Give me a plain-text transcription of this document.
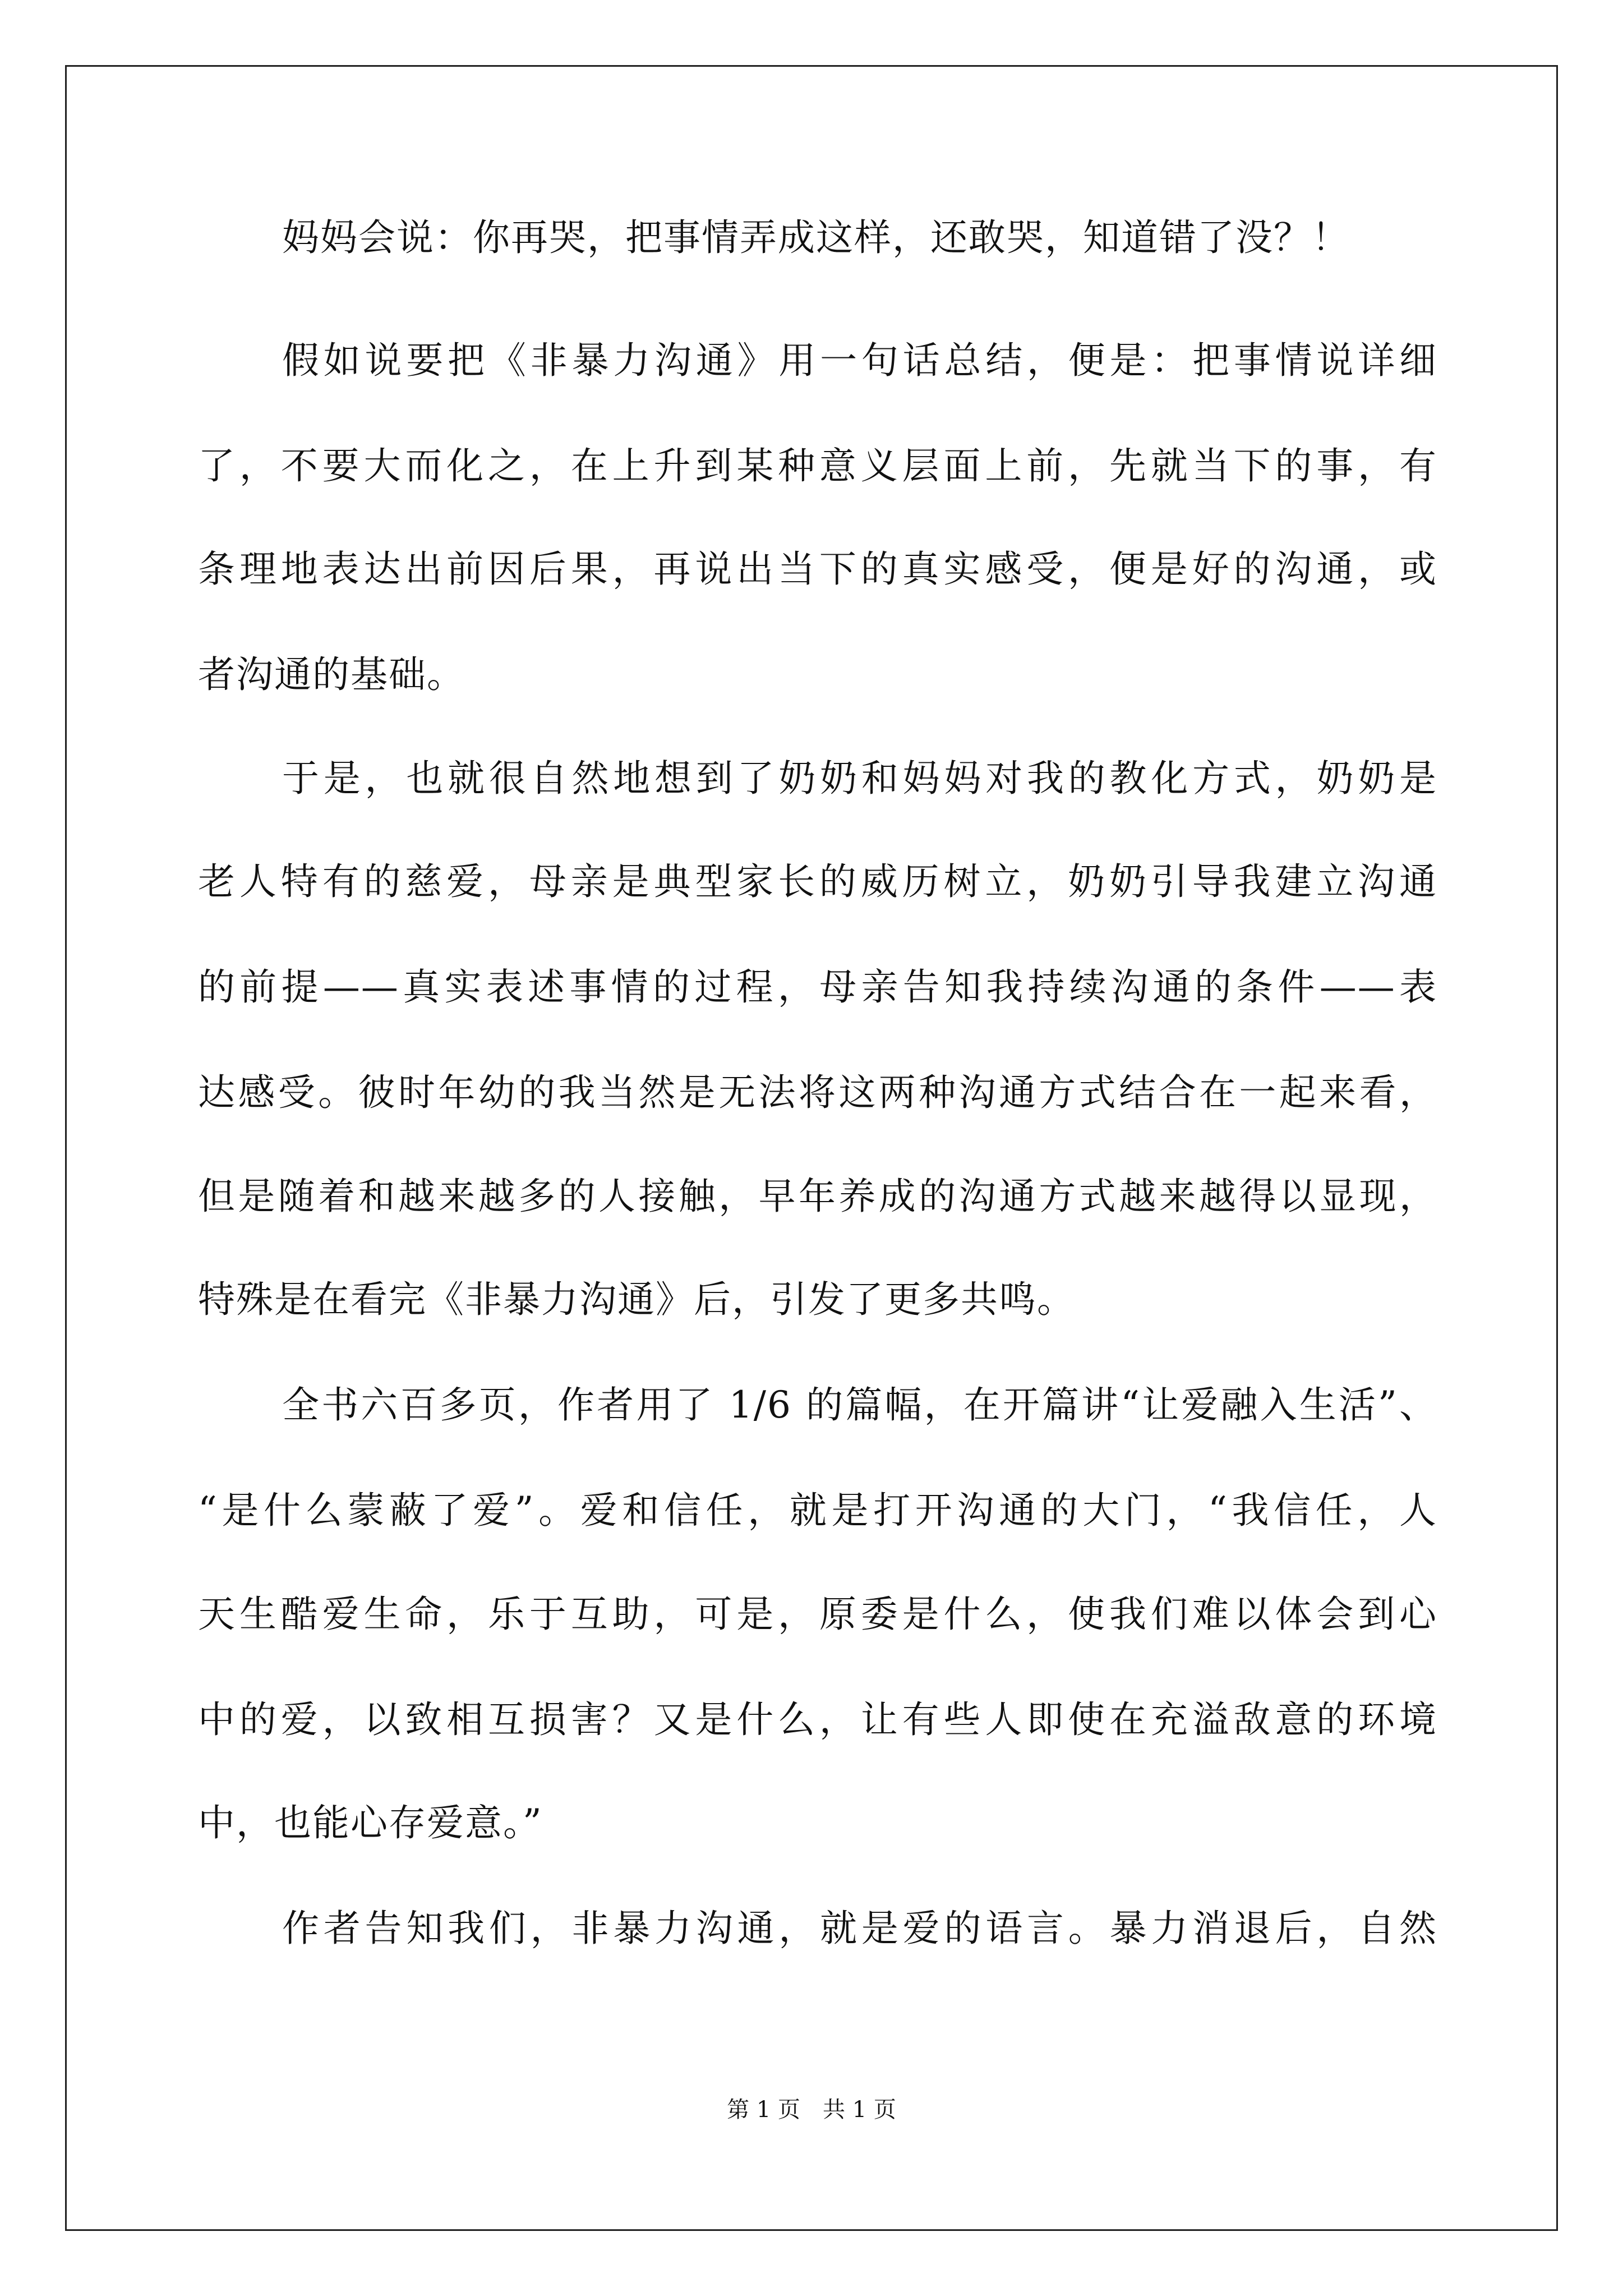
妈妈会说：你再哭，把事情弄成这样，还敢哭，知道错了没？！
假如说要把《非暴力沟通》用一句话总结，便是：把事情说详细
了，不要大而化之，在上升到某种意义层面上前，先就当下的事，有
条理地表达出前因后果，再说出当下的真实感受，便是好的沟通，或
者沟通的基础。
于是，也就很自然地想到了奶奶和妈妈对我的教化方式，奶奶是
老人特有的慈爱，母亲是典型家长的威历树立，奶奶引导我建立沟通
的前提——真实表述事情的过程，母亲告知我持续沟通的条件——表
达感受。彼时年幼的我当然是无法将这两种沟通方式结合在一起来看，
但是随着和越来越多的人接触，早年养成的沟通方式越来越得以显现，
特殊是在看完《非暴力沟通》后，引发了更多共鸣。
全书六百多页，作者用了 1/6 的篇幅，在开篇讲“让爱融入生活”、
“是什么蒙蔽了爱”。爱和信任，就是打开沟通的大门，“我信任，人
天生酷爱生命，乐于互助，可是，原委是什么，使我们难以体会到心
中的爱，以致相互损害？又是什么，让有些人即使在充溢敌意的环境
中，也能心存爱意。”
作者告知我们，非暴力沟通，就是爱的语言。暴力消退后，自然
第 1 页　 共 1 页
